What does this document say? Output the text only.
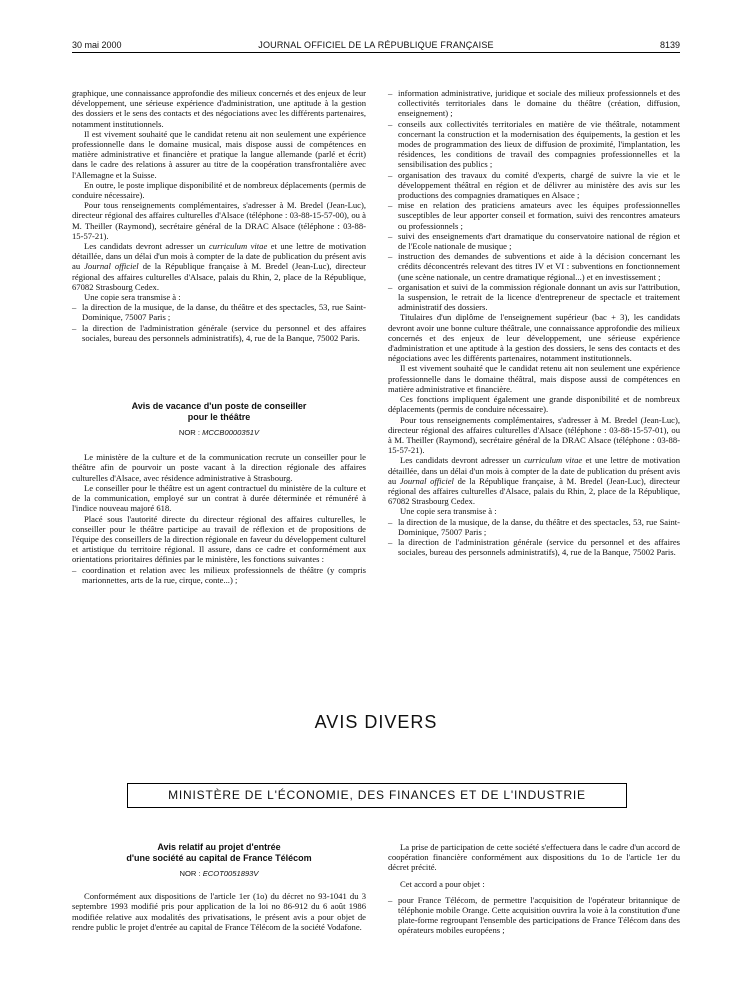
30 mai 2000	JOURNAL OFFICIEL DE LA RÉPUBLIQUE FRANÇAISE	8139

graphique, une connaissance approfondie des milieux concernés et des enjeux de leur développement, une sérieuse expérience d'administration, une aptitude à la gestion des dossiers et le sens des contacts et des négociations avec les différents partenaires, notamment institutionnels.

Il est vivement souhaité que le candidat retenu ait non seulement une expérience professionnelle dans le domaine musical, mais dispose aussi de compétences en matière administrative et financière et pratique la langue allemande (parlé et écrit) dans le cadre des relations à assurer au titre de la coopération transfrontalière avec l'Allemagne et la Suisse.

En outre, le poste implique disponibilité et de nombreux déplacements (permis de conduire nécessaire).

Pour tous renseignements complémentaires, s'adresser à M. Bredel (Jean-Luc), directeur régional des affaires culturelles d'Alsace (téléphone : 03-88-15-57-00), ou à M. Theiller (Raymond), secrétaire général de la DRAC Alsace (téléphone : 03-88-15-57-21).

Les candidats devront adresser un curriculum vitae et une lettre de motivation détaillée, dans un délai d'un mois à compter de la date de publication du présent avis au Journal officiel de la République française à M. Bredel (Jean-Luc), directeur régional des affaires culturelles d'Alsace, palais du Rhin, 2, place de la République, 67082 Strasbourg Cedex.

Une copie sera transmise à :

– la direction de la musique, de la danse, du théâtre et des spectacles, 53, rue Saint-Dominique, 75007 Paris ;
– la direction de l'administration générale (service du personnel et des affaires sociales, bureau des personnels administratifs), 4, rue de la Banque, 75002 Paris.

Avis de vacance d'un poste de conseiller

pour le théâtre

NOR : MCCB0000351V

Le ministère de la culture et de la communication recrute un conseiller pour le théâtre afin de pourvoir un poste vacant à la direction régionale des affaires culturelles d'Alsace, avec résidence administrative à Strasbourg.

Le conseiller pour le théâtre est un agent contractuel du ministère de la culture et de la communication, employé sur un contrat à durée déterminée et rémunéré à l'indice nouveau majoré 618.

Placé sous l'autorité directe du directeur régional des affaires culturelles, le conseiller pour le théâtre participe au travail de réflexion et de propositions de l'équipe des conseillers de la direction régionale en faveur du développement culturel et artistique du territoire régional. Il assure, dans ce cadre et conformément aux orientations prioritaires définies par le ministère, les fonctions suivantes :

– coordination et relation avec les milieux professionnels de théâtre (y compris marionnettes, arts de la rue, cirque, conte...) ;
– information administrative, juridique et sociale des milieux professionnels et des collectivités territoriales dans le domaine du théâtre (création, diffusion, enseignement) ;
– conseils aux collectivités territoriales en matière de vie théâtrale, notamment concernant la construction et la modernisation des équipements, la gestion et les modes de programmation des lieux de diffusion de proximité, l'implantation, les résidences, les conditions de travail des compagnies professionnelles et la sensibilisation des publics ;
– organisation des travaux du comité d'experts, chargé de suivre la vie et le développement théâtral en région et de délivrer au ministère des avis sur les productions des compagnies dramatiques en Alsace ;
– mise en relation des praticiens amateurs avec les équipes professionnelles susceptibles de leur apporter conseil et formation, suivi des rencontres amateurs ou professionnels ;
– suivi des enseignements d'art dramatique du conservatoire national de région et de l'Ecole nationale de musique ;
– instruction des demandes de subventions et aide à la décision concernant les crédits déconcentrés relevant des titres IV et VI : subventions en fonctionnement (une scène nationale, un centre dramatique régional...) et en investissement ;
– organisation et suivi de la commission régionale donnant un avis sur l'attribution, la suspension, le retrait de la licence d'entrepreneur de spectacle et traitement administratif des dossiers.

Titulaires d'un diplôme de l'enseignement supérieur (bac + 3), les candidats devront avoir une bonne culture théâtrale, une connaissance approfondie des milieux concernés et des enjeux de leur développement, une sérieuse expérience d'administration et une aptitude à la gestion des dossiers, le sens des contacts et des négociations avec les différents partenaires, notamment institutionnels.

Il est vivement souhaité que le candidat retenu ait non seulement une expérience professionnelle dans le domaine théâtral, mais dispose aussi de compétences en matière administrative et financière.

Ces fonctions impliquent également une grande disponibilité et de nombreux déplacements (permis de conduire nécessaire).

Pour tous renseignements complémentaires, s'adresser à M. Bredel (Jean-Luc), directeur régional des affaires culturelles d'Alsace (téléphone : 03-88-15-57-01), ou à M. Theiller (Raymond), secrétaire général de la DRAC Alsace (téléphone : 03-88-15-57-21).

Les candidats devront adresser un curriculum vitae et une lettre de motivation détaillée, dans un délai d'un mois à compter de la date de publication du présent avis au Journal officiel de la République française, à M. Bredel (Jean-Luc), directeur régional des affaires culturelles d'Alsace, palais du Rhin, 2, place de la République, 67082 Strasbourg Cedex.

Une copie sera transmise à :

– la direction de la musique, de la danse, du théâtre et des spectacles, 53, rue Saint-Dominique, 75007 Paris ;
– la direction de l'administration générale (service du personnel et des affaires sociales, bureau des personnels administratifs), 4, rue de la Banque, 75002 Paris.
AVIS DIVERS
MINISTÈRE DE L'ÉCONOMIE, DES FINANCES ET DE L'INDUSTRIE

Avis relatif au projet d'entrée

d'une société au capital de France Télécom

NOR : ECOT0051893V

Conformément aux dispositions de l'article 1er (1o) du décret no 93-1041 du 3 septembre 1993 modifié pris pour application de la loi no 86-912 du 6 août 1986 modifiée relative aux modalités des privatisations, le présent avis a pour objet de rendre public le projet d'entrée au capital de France Télécom de la société Vodafone.

La prise de participation de cette société s'effectuera dans le cadre d'un accord de coopération financière conformément aux dispositions du 1o de l'article 1er du décret précité.

Cet accord a pour objet :

– pour France Télécom, de permettre l'acquisition de l'opérateur britannique de téléphonie mobile Orange. Cette acquisition ouvrira la voie à la constitution d'une plate-forme regroupant l'ensemble des participations de France Télécom dans des opérateurs mobiles européens ;
